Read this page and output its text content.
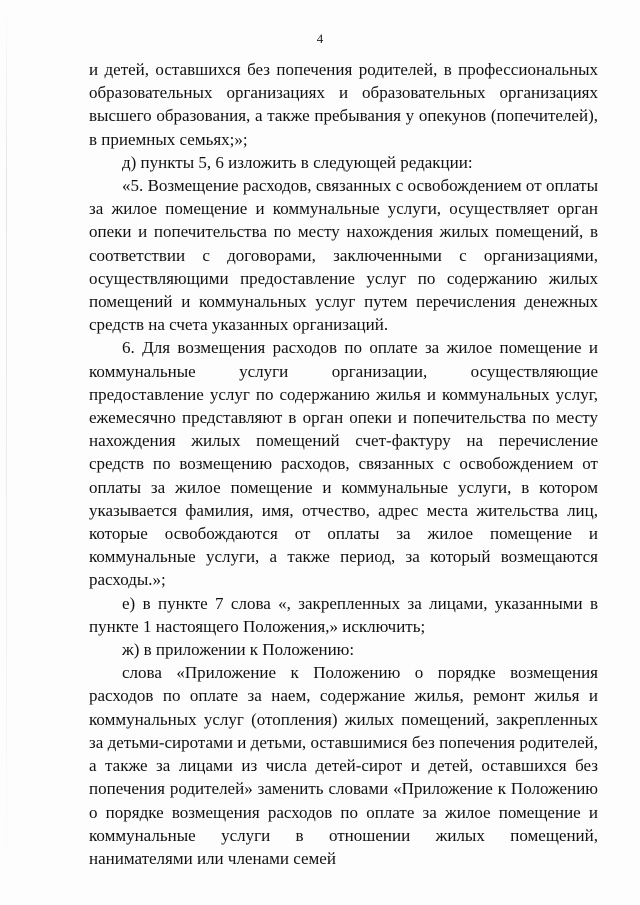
4

и детей, оставшихся без попечения родителей, в профессиональных образовательных организациях и образовательных организациях высшего образования, а также пребывания у опекунов (попечителей), в приемных семьях;»;

д) пункты 5, 6 изложить в следующей редакции:

«5. Возмещение расходов, связанных с освобождением от оплаты за жилое помещение и коммунальные услуги, осуществляет орган опеки и попечительства по месту нахождения жилых помещений, в соответствии с договорами, заключенными с организациями, осуществляющими предоставление услуг по содержанию жилых помещений и коммунальных услуг путем перечисления денежных средств на счета указанных организаций.

6. Для возмещения расходов по оплате за жилое помещение и коммунальные услуги организации, осуществляющие предоставление услуг по содержанию жилья и коммунальных услуг, ежемесячно представляют в орган опеки и попечительства по месту нахождения жилых помещений счет-фактуру на перечисление средств по возмещению расходов, связанных с освобождением от оплаты за жилое помещение и коммунальные услуги, в котором указывается фамилия, имя, отчество, адрес места жительства лиц, которые освобождаются от оплаты за жилое помещение и коммунальные услуги, а также период, за который возмещаются расходы.»;

е) в пункте 7 слова «, закрепленных за лицами, указанными в пункте 1 настоящего Положения,» исключить;

ж) в приложении к Положению:

слова «Приложение к Положению о порядке возмещения расходов по оплате за наем, содержание жилья, ремонт жилья и коммунальных услуг (отопления) жилых помещений, закрепленных за детьми-сиротами и детьми, оставшимися без попечения родителей, а также за лицами из числа детей-сирот и детей, оставшихся без попечения родителей» заменить словами «Приложение к Положению о порядке возмещения расходов по оплате за жилое помещение и коммунальные услуги в отношении жилых помещений, нанимателями или членами семей
